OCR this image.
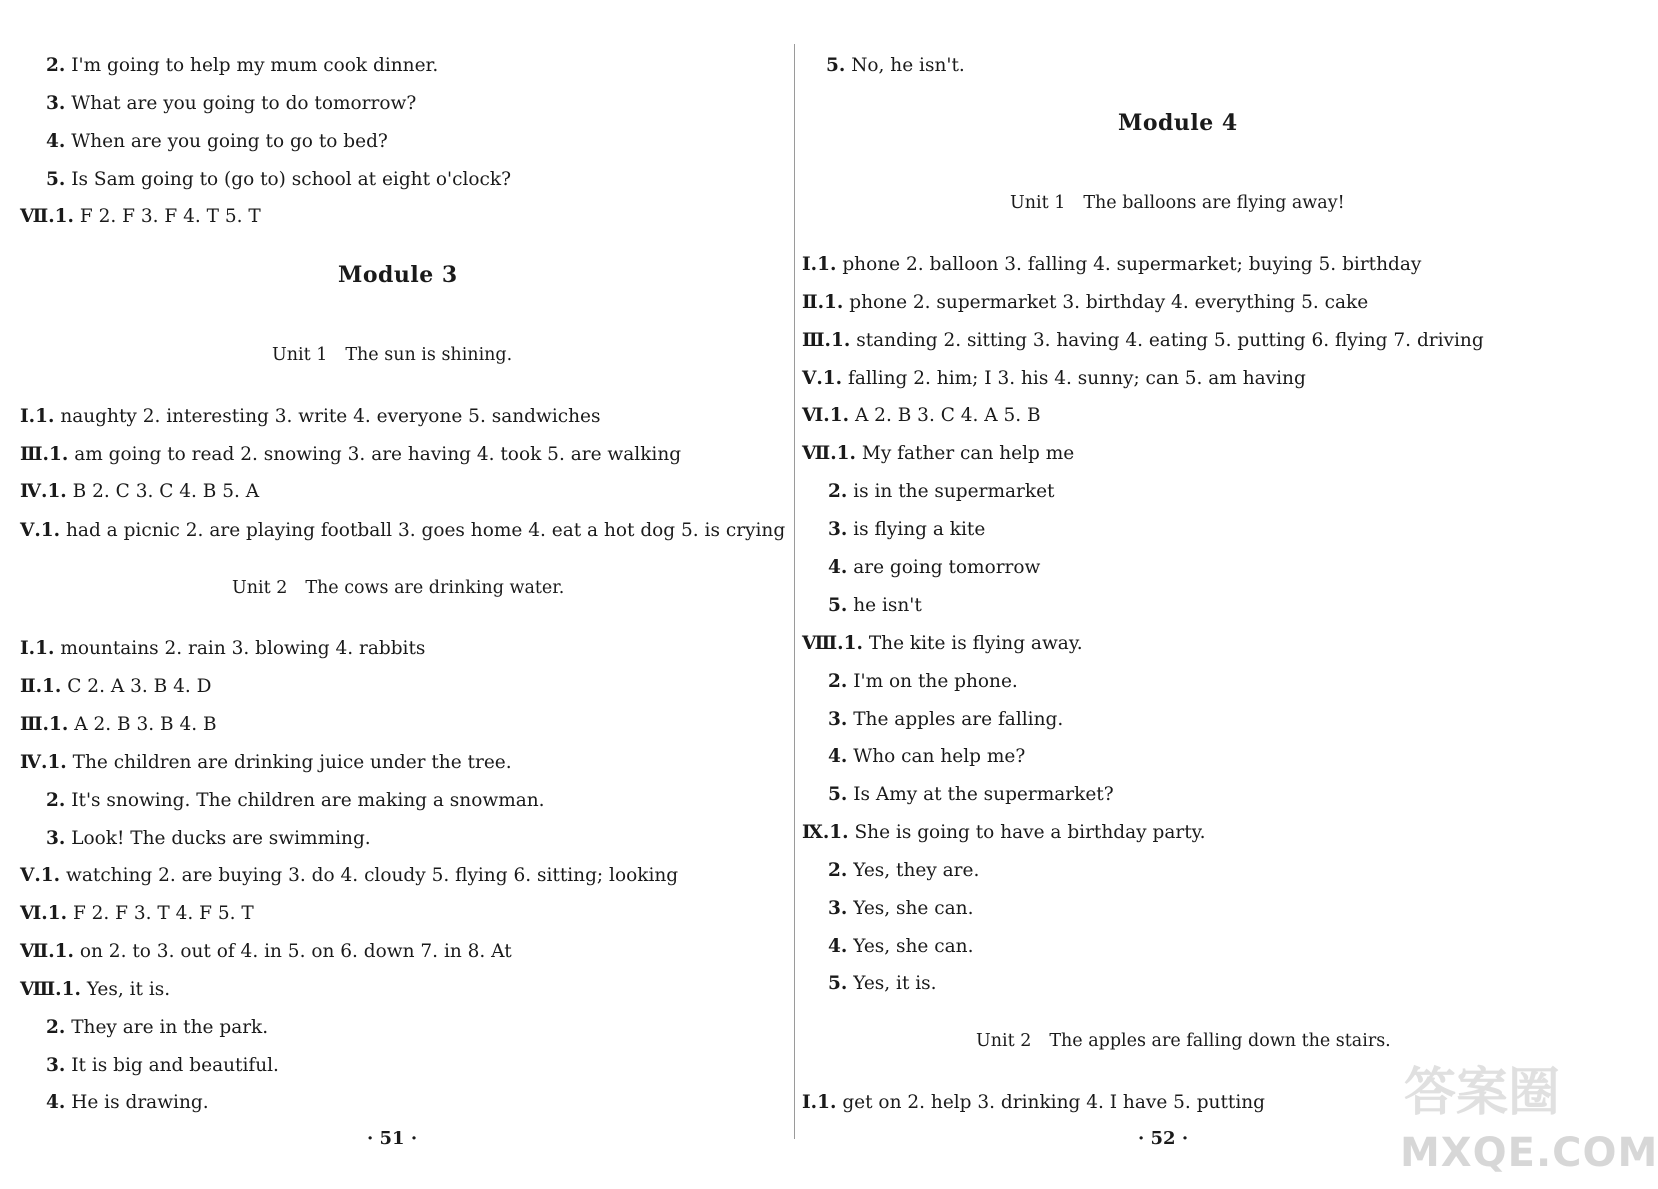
2. I'm going to help my mum cook dinner.
3. What are you going to do tomorrow?
4. When are you going to go to bed?
5. Is Sam going to (go to) school at eight o'clock?
Ⅶ.1. F 2. F 3. F 4. T 5. T
Module 3
Unit 1 The sun is shining.
Ⅰ.1. naughty 2. interesting 3. write 4. everyone 5. sandwiches
Ⅲ.1. am going to read 2. snowing 3. are having 4. took 5. are walking
Ⅳ.1. B 2. C 3. C 4. B 5. A
Ⅴ.1. had a picnic 2. are playing football 3. goes home 4. eat a hot dog 5. is crying
Unit 2 The cows are drinking water.
Ⅰ.1. mountains 2. rain 3. blowing 4. rabbits
Ⅱ.1. C 2. A 3. B 4. D
Ⅲ.1. A 2. B 3. B 4. B
Ⅳ.1. The children are drinking juice under the tree.
2. It's snowing. The children are making a snowman.
3. Look! The ducks are swimming.
Ⅴ.1. watching 2. are buying 3. do 4. cloudy 5. flying 6. sitting; looking
Ⅵ.1. F 2. F 3. T 4. F 5. T
Ⅶ.1. on 2. to 3. out of 4. in 5. on 6. down 7. in 8. At
Ⅷ.1. Yes, it is.
2. They are in the park.
3. It is big and beautiful.
4. He is drawing.
· 51 ·
5. No, he isn't.
Module 4
Unit 1 The balloons are flying away!
Ⅰ.1. phone 2. balloon 3. falling 4. supermarket; buying 5. birthday
Ⅱ.1. phone 2. supermarket 3. birthday 4. everything 5. cake
Ⅲ.1. standing 2. sitting 3. having 4. eating 5. putting 6. flying 7. driving
Ⅴ.1. falling 2. him; I 3. his 4. sunny; can 5. am having
Ⅵ.1. A 2. B 3. C 4. A 5. B
Ⅶ.1. My father can help me
2. is in the supermarket
3. is flying a kite
4. are going tomorrow
5. he isn't
Ⅷ.1. The kite is flying away.
2. I'm on the phone.
3. The apples are falling.
4. Who can help me?
5. Is Amy at the supermarket?
Ⅸ.1. She is going to have a birthday party.
2. Yes, they are.
3. Yes, she can.
4. Yes, she can.
5. Yes, it is.
Unit 2 The apples are falling down the stairs.
Ⅰ.1. get on 2. help 3. drinking 4. I have 5. putting
· 52 ·
答案圈
MXQE.COM
